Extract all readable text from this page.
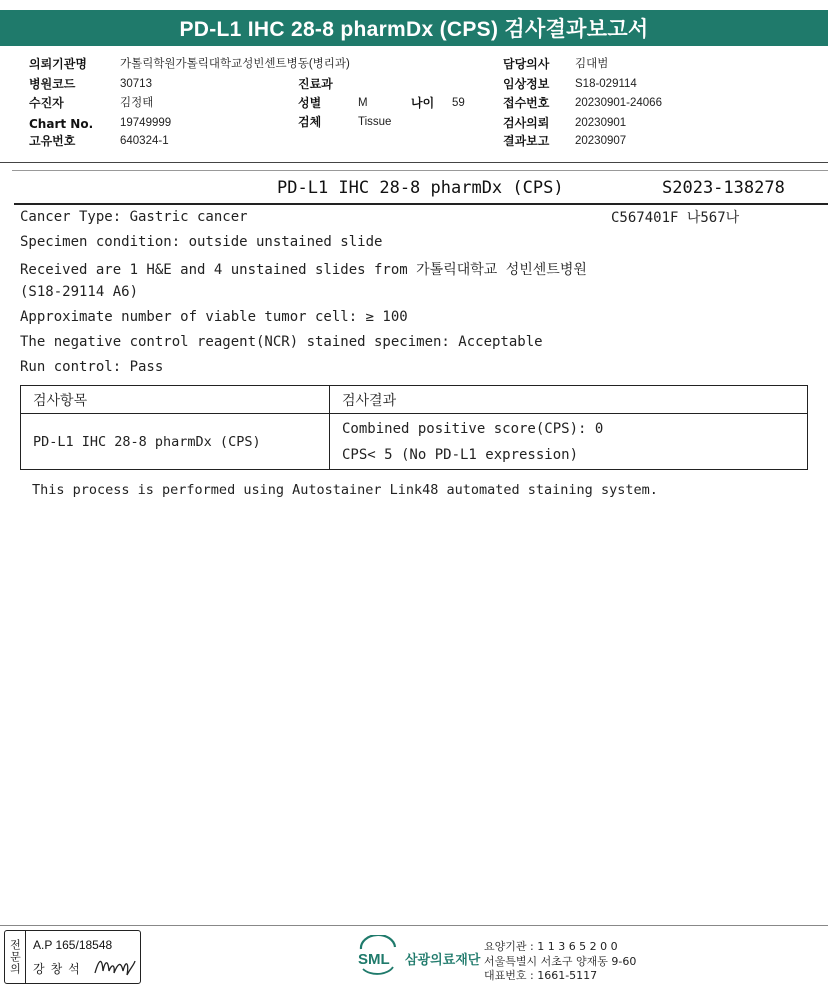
PD-L1 IHC 28-8 pharmDx (CPS) 검사결과보고서
의뢰기관명	가톨릭학원가톨릭대학교성빈센트병동(병리과)
병원코드	30713
수진자	김정태
Chart No. 19749999
고유번호	640324-1
진료과
성별	M	나이 59
검체	Tissue
담당의사 김대범
임상정보 S18-029114
접수번호 20230901-24066
검사의뢰 20230901
결과보고 20230907
PD-L1 IHC 28-8 pharmDx (CPS)	S2023-138278
C567401F 나567나
Cancer Type: Gastric cancer
Specimen condition: outside unstained slide
Received are 1 H&E and 4 unstained slides from 가톨릭대학교 성빈센트병원
(S18-29114 A6)
Approximate number of viable tumor cell: ≥ 100
The negative control reagent(NCR) stained specimen: Acceptable
Run control: Pass
검사항목	검사결과
PD-L1 IHC 28-8 pharmDx (CPS)	Combined positive score(CPS): 0
	CPS< 5 (No PD-L1 expression)
This process is performed using Autostainer Link48 automated staining system.
전문의 A.P 165/18548
강창석
SML 삼광의료재단
요양기관 : 1 1 3 6 5 2 0 0
서울특별시 서초구 양재동 9-60
대표번호 : 1661-5117
